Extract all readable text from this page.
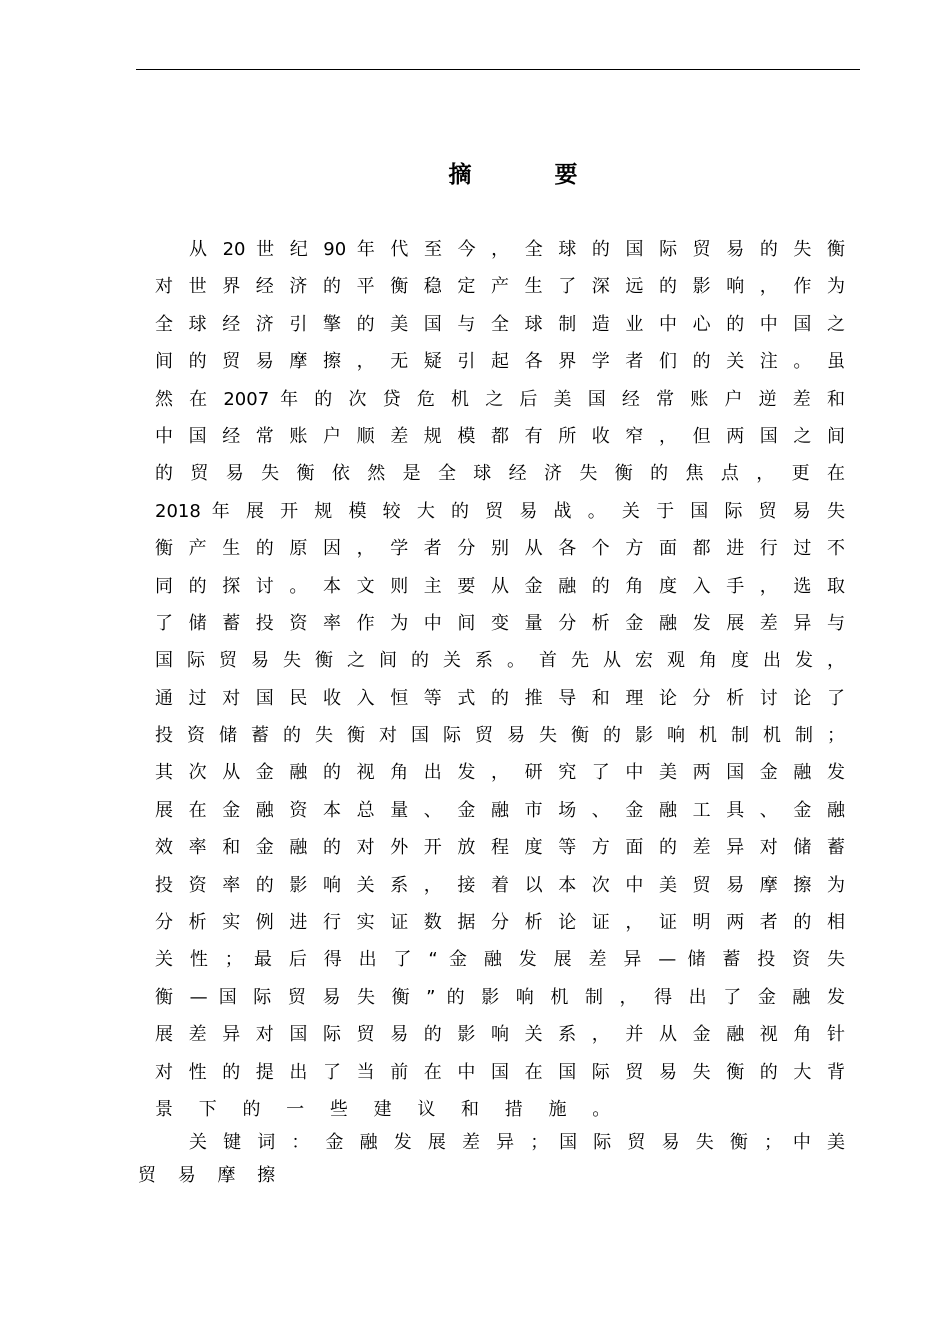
摘　要
从 20 世 纪 90 年 代 至 今 ， 全 球 的 国 际 贸 易 的 失 衡
对 世 界 经 济 的 平 衡 稳 定 产 生 了 深 远 的 影 响 ， 作 为
全 球 经 济 引 擎 的 美 国 与 全 球 制 造 业 中 心 的 中 国 之
间 的 贸 易 摩 擦 ， 无 疑 引 起 各 界 学 者 们 的 关 注 。 虽
然 在 2007 年 的 次 贷 危 机 之 后 美 国 经 常 账 户 逆 差 和
中 国 经 常 账 户 顺 差 规 模 都 有 所 收 窄 ， 但 两 国 之 间
的 贸 易 失 衡 依 然 是 全 球 经 济 失 衡 的 焦 点 ， 更 在
2018 年 展 开 规 模 较 大 的 贸 易 战 。 关 于 国 际 贸 易 失
衡 产 生 的 原 因 ， 学 者 分 别 从 各 个 方 面 都 进 行 过 不
同 的 探 讨 。 本 文 则 主 要 从 金 融 的 角 度 入 手 ， 选 取
了 储 蓄 投 资 率 作 为 中 间 变 量 分 析 金 融 发 展 差 异 与
国 际 贸 易 失 衡 之 间 的 关 系 。 首 先 从 宏 观 角 度 出 发 ，
通 过 对 国 民 收 入 恒 等 式 的 推 导 和 理 论 分 析 讨 论 了
投 资 储 蓄 的 失 衡 对 国 际 贸 易 失 衡 的 影 响 机 制 机 制 ；
其 次 从 金 融 的 视 角 出 发 ， 研 究 了 中 美 两 国 金 融 发
展 在 金 融 资 本 总 量 、 金 融 市 场 、 金 融 工 具 、 金 融
效 率 和 金 融 的 对 外 开 放 程 度 等 方 面 的 差 异 对 储 蓄
投 资 率 的 影 响 关 系 ， 接 着 以 本 次 中 美 贸 易 摩 擦 为
分 析 实 例 进 行 实 证 数 据 分 析 论 证 ， 证 明 两 者 的 相
关 性 ； 最 后 得 出 了 “ 金 融 发 展 差 异 — 储 蓄 投 资 失
衡 — 国 际 贸 易 失 衡 ” 的 影 响 机 制 ， 得 出 了 金 融 发
展 差 异 对 国 际 贸 易 的 影 响 关 系 ， 并 从 金 融 视 角 针
对 性 的 提 出 了 当 前 在 中 国 在 国 际 贸 易 失 衡 的 大 背
景 下 的 一 些 建 议 和 措 施 。
关 键 词 ： 金 融 发 展 差 异 ； 国 际 贸 易 失 衡 ； 中 美
贸 易 摩 擦
